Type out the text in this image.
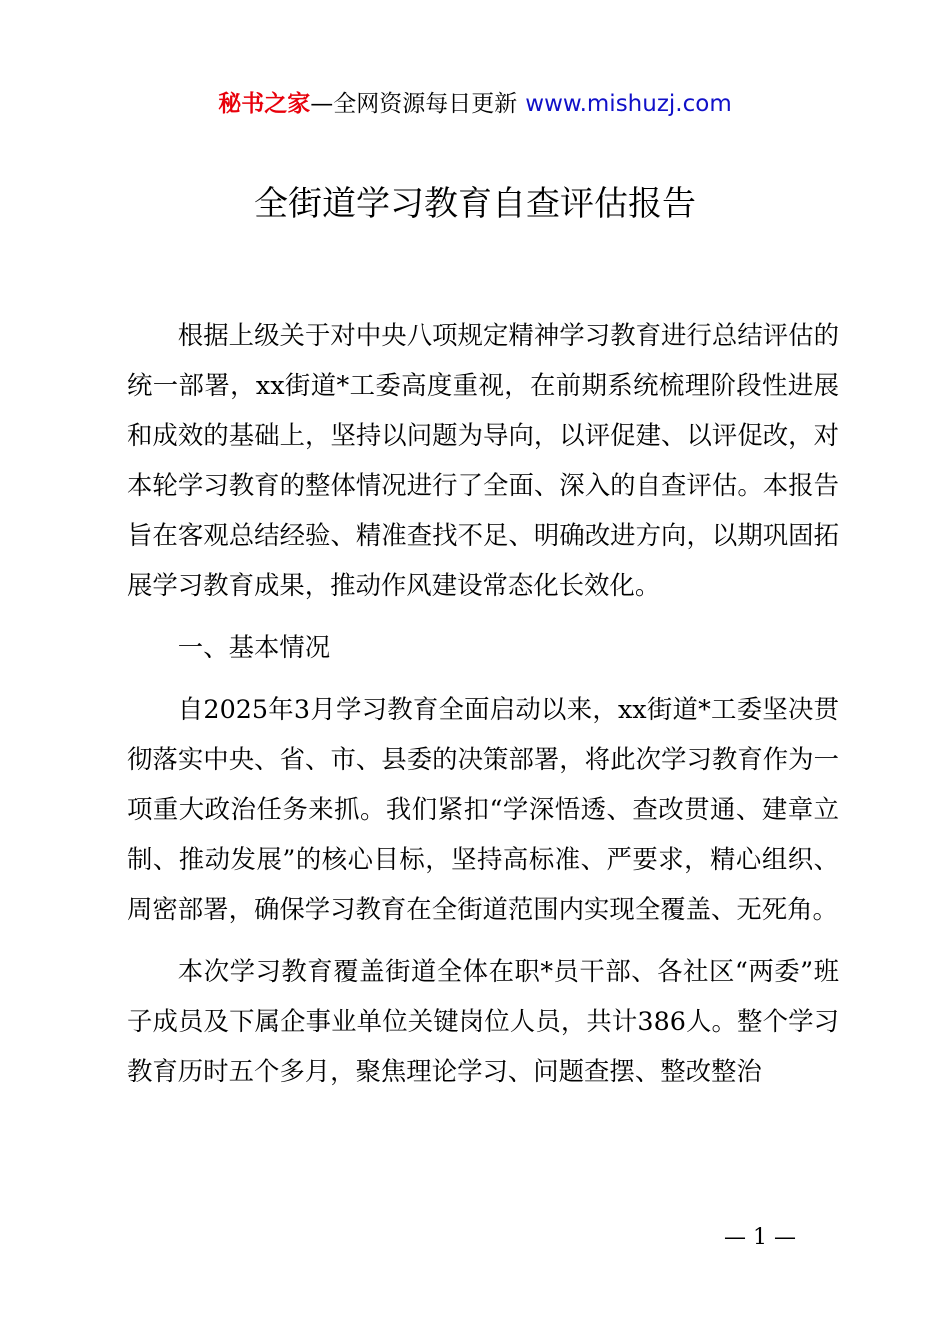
秘书之家—全网资源每日更新 www.mishuzj.com
全街道学习教育自查评估报告

根据上级关于对中央八项规定精神学习教育进行总结评估的统一部署，xx街道*工委高度重视，在前期系统梳理阶段性进展和成效的基础上，坚持以问题为导向，以评促建、以评促改，对本轮学习教育的整体情况进行了全面、深入的自查评估。本报告旨在客观总结经验、精准查找不足、明确改进方向，以期巩固拓展学习教育成果，推动作风建设常态化长效化。

一、基本情况

自2025年3月学习教育全面启动以来，xx街道*工委坚决贯彻落实中央、省、市、县委的决策部署，将此次学习教育作为一项重大政治任务来抓。我们紧扣“学深悟透、查改贯通、建章立制、推动发展”的核心目标，坚持高标准、严要求，精心组织、周密部署，确保学习教育在全街道范围内实现全覆盖、无死角。

本次学习教育覆盖街道全体在职*员干部、各社区“两委”班子成员及下属企事业单位关键岗位人员，共计386人。整个学习教育历时五个多月，聚焦理论学习、问题查摆、整改整治

— 1 —
